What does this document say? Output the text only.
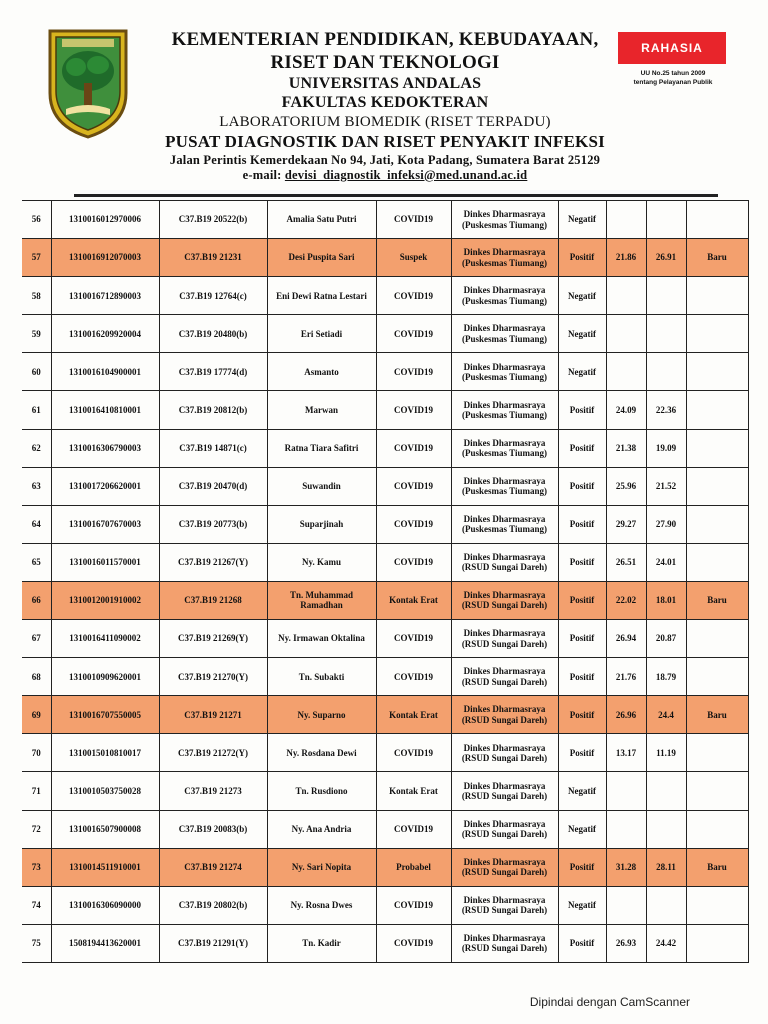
KEMENTERIAN PENDIDIKAN, KEBUDAYAAN,
RISET DAN TEKNOLOGI
UNIVERSITAS ANDALAS
FAKULTAS KEDOKTERAN
LABORATORIUM BIOMEDIK (RISET TERPADU)
PUSAT DIAGNOSTIK DAN RISET PENYAKIT INFEKSI
Jalan Perintis Kemerdekaan No 94, Jati, Kota Padang, Sumatera Barat 25129
e-mail: devisi_diagnostik_infeksi@med.unand.ac.id
RAHASIA
UU No.25 tahun 2009
tentang Pelayanan Publik
56	1310016012970006	C37.B19 20522(b)	Amalia Satu Putri	COVID19	Dinkes Dharmasraya (Puskesmas Tiumang)	Negatif			
57	1310016912070003	C37.B19 21231	Desi Puspita Sari	Suspek	Dinkes Dharmasraya (Puskesmas Tiumang)	Positif	21.86	26.91	Baru
58	1310016712890003	C37.B19 12764(c)	Eni Dewi Ratna Lestari	COVID19	Dinkes Dharmasraya (Puskesmas Tiumang)	Negatif			
59	1310016209920004	C37.B19 20480(b)	Eri Setiadi	COVID19	Dinkes Dharmasraya (Puskesmas Tiumang)	Negatif			
60	1310016104900001	C37.B19 17774(d)	Asmanto	COVID19	Dinkes Dharmasraya (Puskesmas Tiumang)	Negatif			
61	1310016410810001	C37.B19 20812(b)	Marwan	COVID19	Dinkes Dharmasraya (Puskesmas Tiumang)	Positif	24.09	22.36	
62	1310016306790003	C37.B19 14871(c)	Ratna Tiara Safitri	COVID19	Dinkes Dharmasraya (Puskesmas Tiumang)	Positif	21.38	19.09	
63	1310017206620001	C37.B19 20470(d)	Suwandin	COVID19	Dinkes Dharmasraya (Puskesmas Tiumang)	Positif	25.96	21.52	
64	1310016707670003	C37.B19 20773(b)	Suparjinah	COVID19	Dinkes Dharmasraya (Puskesmas Tiumang)	Positif	29.27	27.90	
65	1310016011570001	C37.B19 21267(Y)	Ny. Kamu	COVID19	Dinkes Dharmasraya (RSUD Sungai Dareh)	Positif	26.51	24.01	
66	1310012001910002	C37.B19 21268	Tn. Muhammad Ramadhan	Kontak Erat	Dinkes Dharmasraya (RSUD Sungai Dareh)	Positif	22.02	18.01	Baru
67	1310016411090002	C37.B19 21269(Y)	Ny. Irmawan Oktalina	COVID19	Dinkes Dharmasraya (RSUD Sungai Dareh)	Positif	26.94	20.87	
68	1310010909620001	C37.B19 21270(Y)	Tn. Subakti	COVID19	Dinkes Dharmasraya (RSUD Sungai Dareh)	Positif	21.76	18.79	
69	1310016707550005	C37.B19 21271	Ny. Suparno	Kontak Erat	Dinkes Dharmasraya (RSUD Sungai Dareh)	Positif	26.96	24.4	Baru
70	1310015010810017	C37.B19 21272(Y)	Ny. Rosdana Dewi	COVID19	Dinkes Dharmasraya (RSUD Sungai Dareh)	Positif	13.17	11.19	
71	1310010503750028	C37.B19 21273	Tn. Rusdiono	Kontak Erat	Dinkes Dharmasraya (RSUD Sungai Dareh)	Negatif			
72	1310016507900008	C37.B19 20083(b)	Ny. Ana Andria	COVID19	Dinkes Dharmasraya (RSUD Sungai Dareh)	Negatif			
73	1310014511910001	C37.B19 21274	Ny. Sari Nopita	Probabel	Dinkes Dharmasraya (RSUD Sungai Dareh)	Positif	31.28	28.11	Baru
74	1310016306090000	C37.B19 20802(b)	Ny. Rosna Dwes	COVID19	Dinkes Dharmasraya (RSUD Sungai Dareh)	Negatif			
75	1508194413620001	C37.B19 21291(Y)	Tn. Kadir	COVID19	Dinkes Dharmasraya (RSUD Sungai Dareh)	Positif	26.93	24.42	
Dipindai dengan CamScanner
